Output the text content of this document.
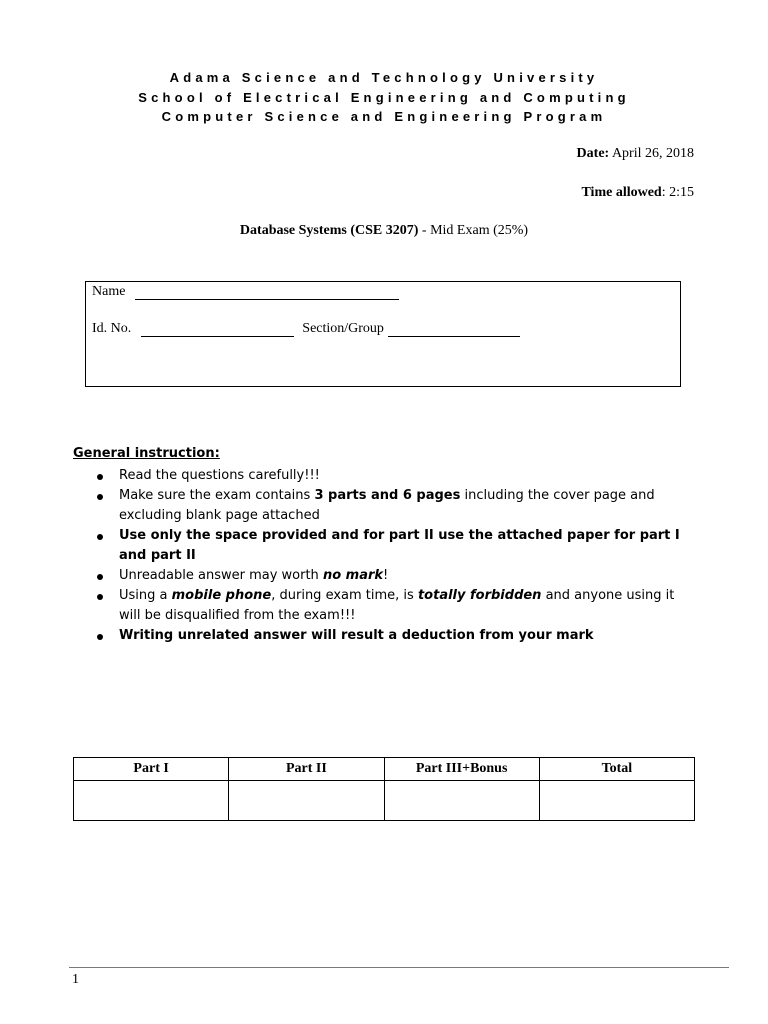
Adama Science and Technology University
School of Electrical Engineering and Computing
Computer Science and Engineering Program
Date: April 26, 2018
Time allowed: 2:15
Database Systems (CSE 3207) - Mid Exam (25%)
Name
Id. No.	Section/Group
General instruction:
Read the questions carefully!!!
Make sure the exam contains 3 parts and 6 pages including the cover page and excluding blank page attached
Use only the space provided and for part II use the attached paper for part I and part II
Unreadable answer may worth no mark!
Using a mobile phone, during exam time, is totally forbidden and anyone using it will be disqualified from the exam!!!
Writing unrelated answer will result a deduction from your mark
Part I	Part II	Part III+Bonus	Total

1
